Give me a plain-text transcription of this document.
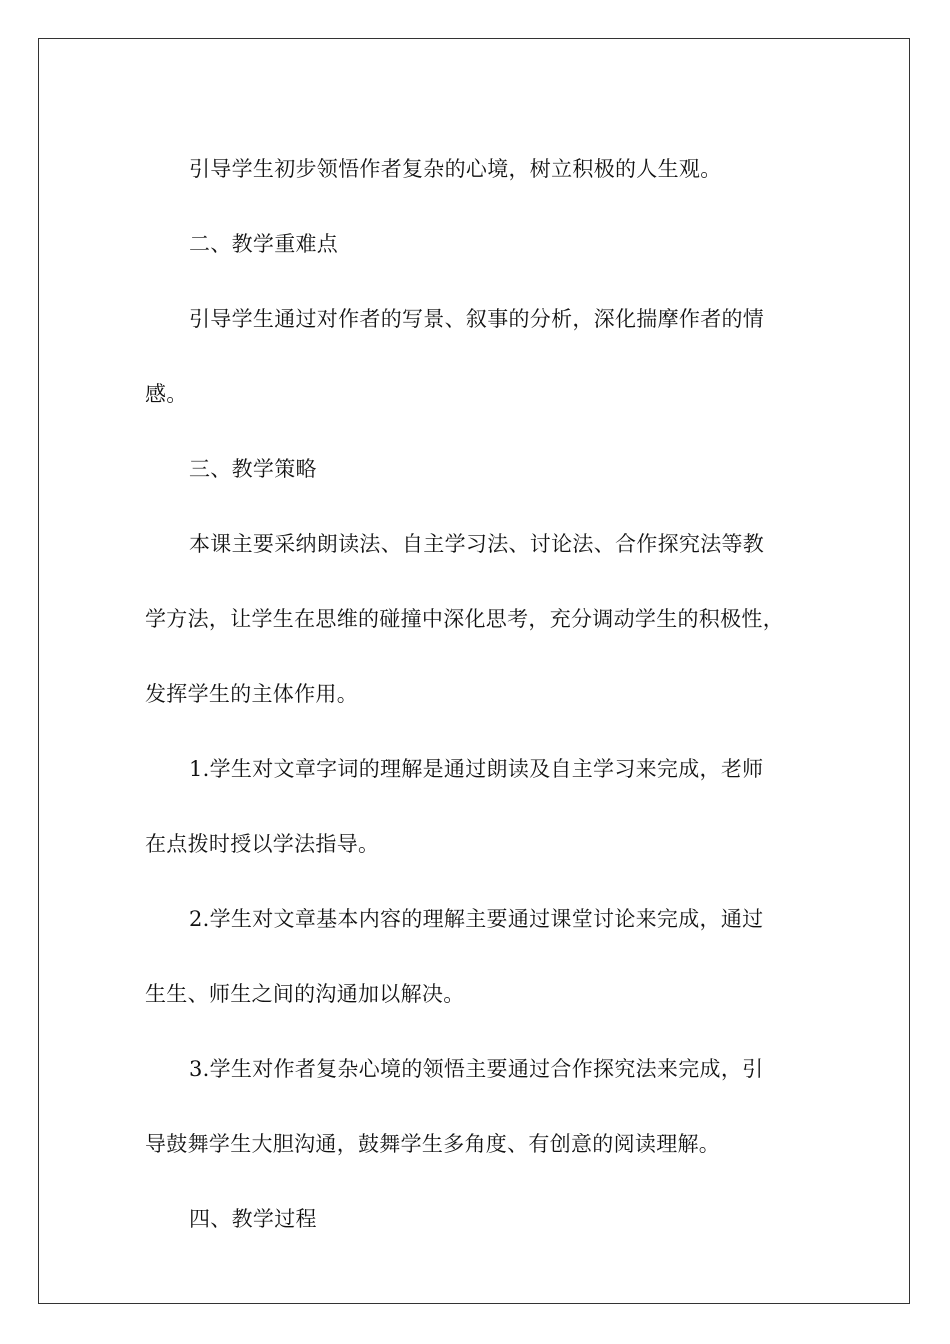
引导学生初步领悟作者复杂的心境，树立积极的人生观。
二、教学重难点
引导学生通过对作者的写景、叙事的分析，深化揣摩作者的情
感。
三、教学策略
本课主要采纳朗读法、自主学习法、讨论法、合作探究法等教
学方法，让学生在思维的碰撞中深化思考，充分调动学生的积极性，
发挥学生的主体作用。
1.学生对文章字词的理解是通过朗读及自主学习来完成，老师
在点拨时授以学法指导。
2.学生对文章基本内容的理解主要通过课堂讨论来完成，通过
生生、师生之间的沟通加以解决。
3.学生对作者复杂心境的领悟主要通过合作探究法来完成，引
导鼓舞学生大胆沟通，鼓舞学生多角度、有创意的阅读理解。
四、教学过程
